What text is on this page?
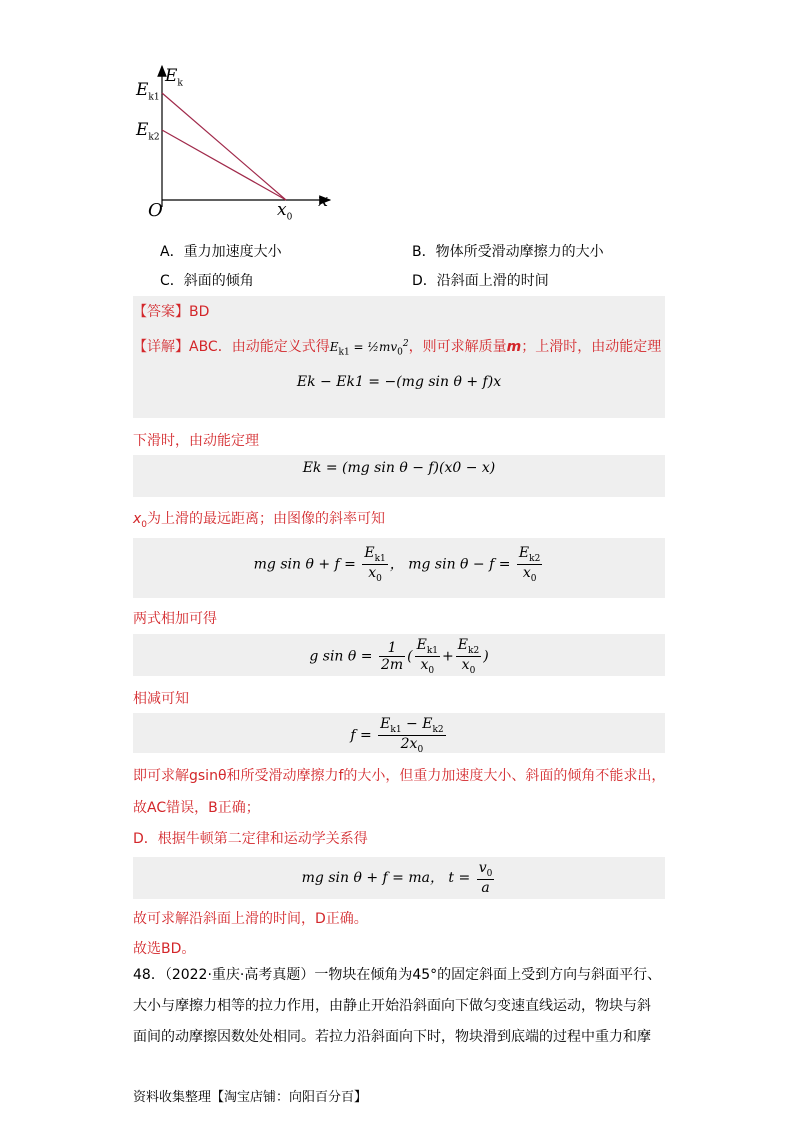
$E_k$
$E_{k1}$
$E_{k2}$
O	$x_0$
x
A．重力加速度大小	B．物体所受滑动摩擦力的大小
C．斜面的倾角	D．沿斜面上滑的时间
【答案】BD
【详解】ABC．由动能定义式得$E_{k1}$ = $\frac{1}{2}mv_0^2$，则可求解质量m；上滑时，由动能定理
Ek − Ek1 = −(mg sin θ + f)x
下滑时，由动能定理
Ek = (mg sin θ − f)(x0 − x)
$x_0$为上滑的最远距离；由图像的斜率可知
mg $\sin \theta + f = \frac{E_{k1}}{x_0}$ ， mg $\sin \theta - f = \frac{E_{k2}}{x_0}$
两式相加可得
g $\sin \theta = \frac{1}{2m}$ ( $\frac{E_{k1}}{x_0} + \frac{E_{k2}}{x_0}$ )
相减可知
$f = \frac{E_{k1} - E_{k2}}{2x_0}$
即可求解gsinθ和所受滑动摩擦力f的大小，但重力加速度大小、斜面的倾角不能求出，
故AC错误，B正确；
D．根据牛顿第二定律和运动学关系得
mg sin θ + f = ma， $t = \frac{v_0}{a}$
故可求解沿斜面上滑的时间，D正确。
故选BD。
48．（2022·重庆·高考真题）一物块在倾角为45°的固定斜面上受到方向与斜面平行、
大小与摩擦力相等的拉力作用，由静止开始沿斜面向下做匀变速直线运动，物块与斜
面间的动摩擦因数处处相同。若拉力沿斜面向下时，物块滑到底端的过程中重力和摩
资料收集整理【淘宝店铺：向阳百分百】
